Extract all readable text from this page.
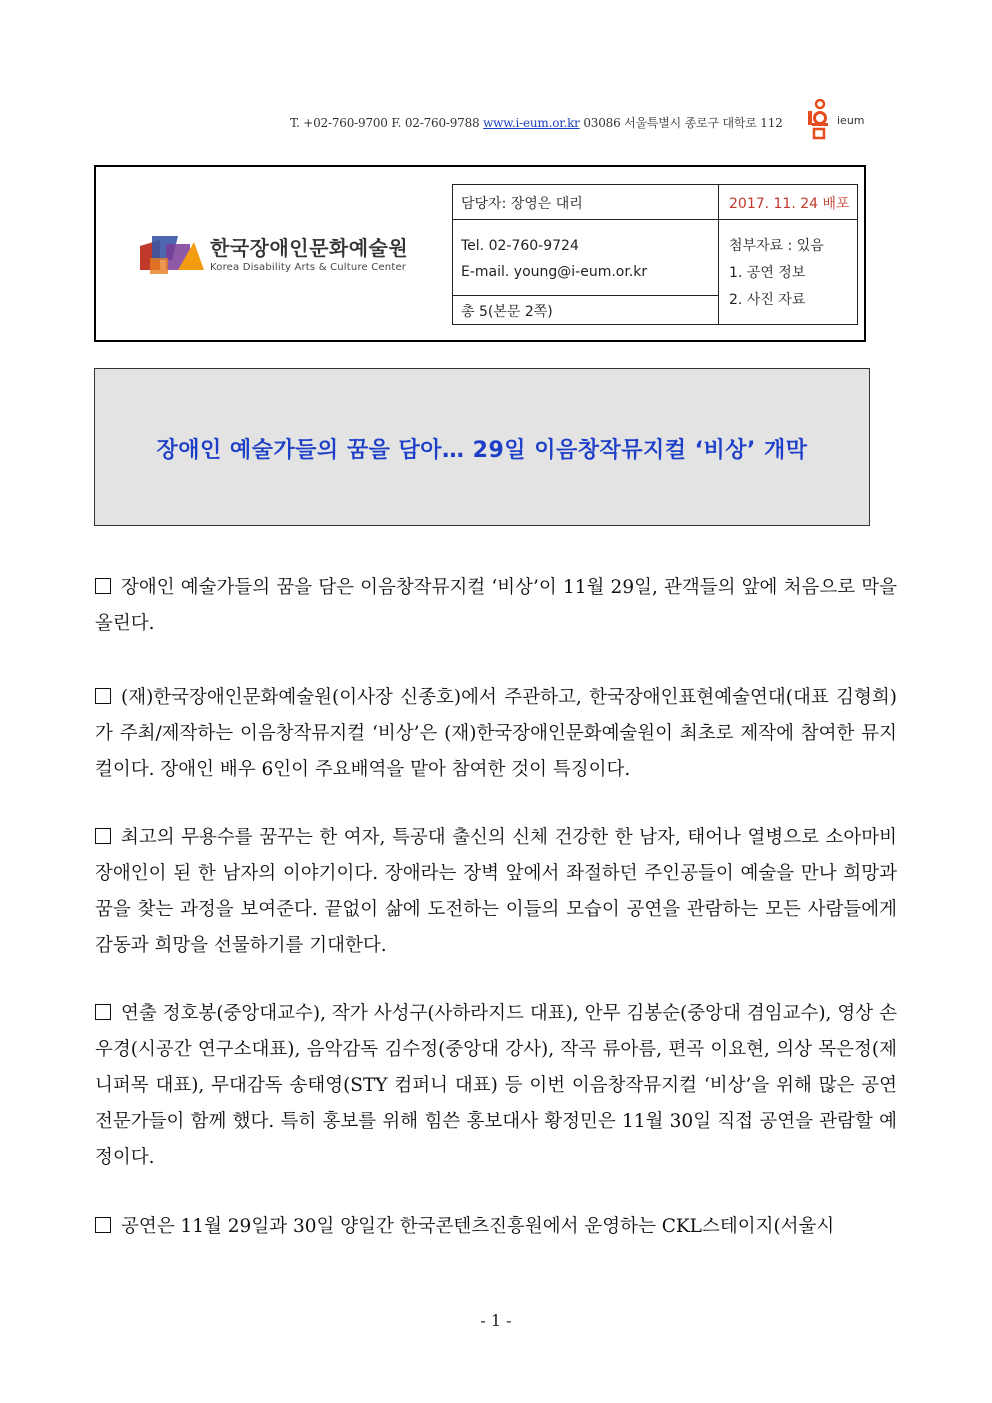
T. +02-760-9700 F. 02-760-9788 www.i-eum.or.kr 03086 서울특별시 종로구 대학로 112	ieum
한국장애인문화예술원
Korea Disability Arts & Culture Center
담당자: 장영은 대리	2017. 11. 24 배포
Tel. 02-760-9724
E-mail. young@i-eum.or.kr
총 5(본문 2쪽)
첨부자료 : 있음
1. 공연 정보
2. 사진 자료
장애인 예술가들의 꿈을 담아… 29일 이음창작뮤지컬 ‘비상’ 개막
장애인 예술가들의 꿈을 담은 이음창작뮤지컬 ‘비상’이 11월 29일, 관객들의 앞에 처음으로 막을 올린다.
(재)한국장애인문화예술원(이사장 신종호)에서 주관하고, 한국장애인표현예술연대(대표 김형희)가 주최/제작하는 이음창작뮤지컬 ‘비상’은 (재)한국장애인문화예술원이 최초로 제작에 참여한 뮤지컬이다. 장애인 배우 6인이 주요배역을 맡아 참여한 것이 특징이다.
최고의 무용수를 꿈꾸는 한 여자, 특공대 출신의 신체 건강한 한 남자, 태어나 열병으로 소아마비 장애인이 된 한 남자의 이야기이다. 장애라는 장벽 앞에서 좌절하던 주인공들이 예술을 만나 희망과 꿈을 찾는 과정을 보여준다. 끝없이 삶에 도전하는 이들의 모습이 공연을 관람하는 모든 사람들에게 감동과 희망을 선물하기를 기대한다.
연출 정호봉(중앙대교수), 작가 사성구(사하라지드 대표), 안무 김봉순(중앙대 겸임교수), 영상 손우경(시공간 연구소대표), 음악감독 김수정(중앙대 강사), 작곡 류아름, 편곡 이요현, 의상 목은정(제니퍼목 대표), 무대감독 송태영(STY 컴퍼니 대표) 등 이번 이음창작뮤지컬 ‘비상’을 위해 많은 공연 전문가들이 함께 했다. 특히 홍보를 위해 힘쓴 홍보대사 황정민은 11월 30일 직접 공연을 관람할 예정이다.
공연은 11월 29일과 30일 양일간 한국콘텐츠진흥원에서 운영하는 CKL스테이지(서울시
- 1 -
